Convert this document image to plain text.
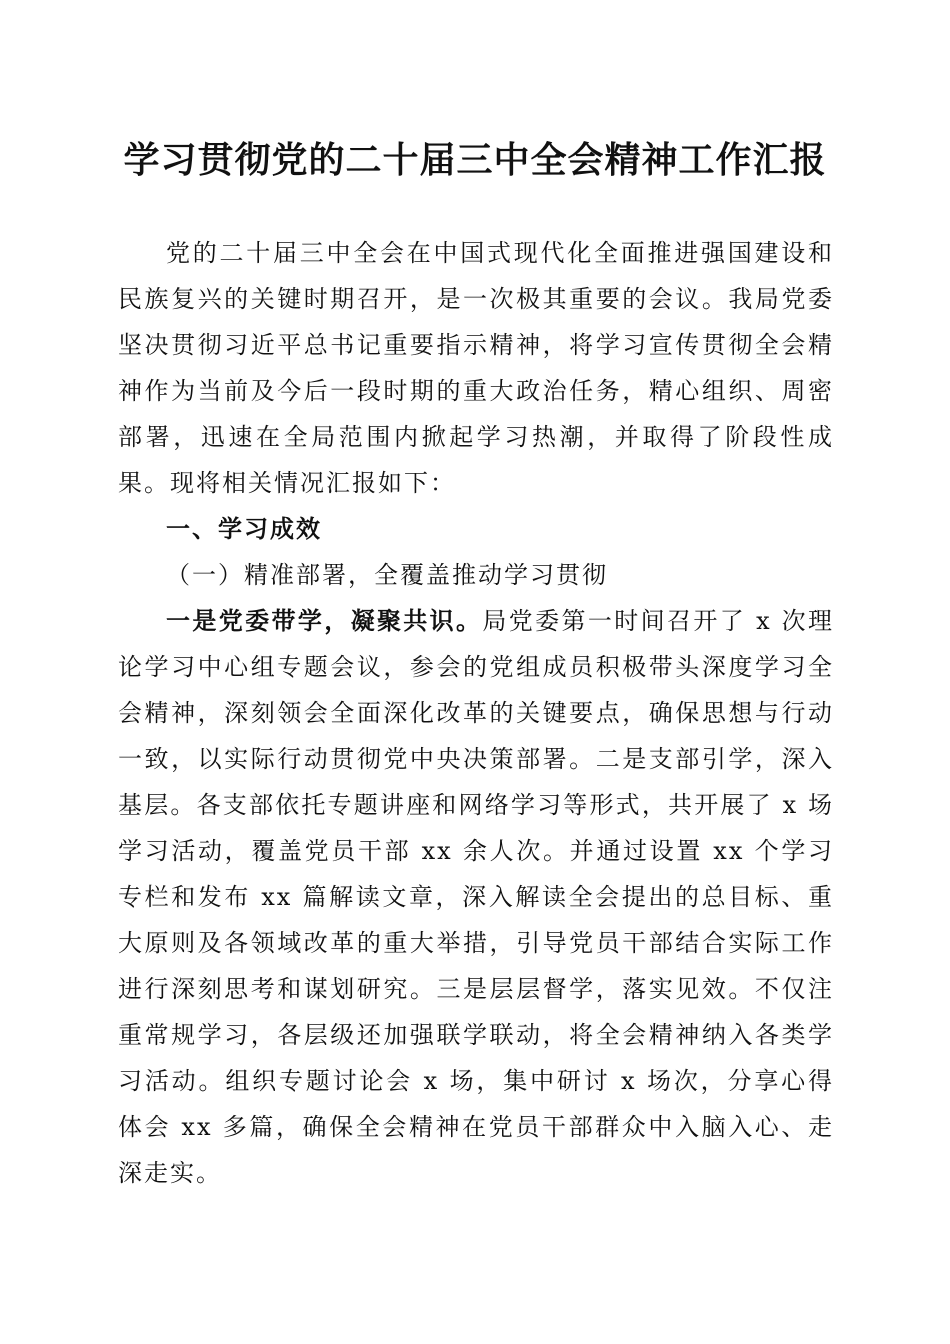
学习贯彻党的二十届三中全会精神工作汇报

党的二十届三中全会在中国式现代化全面推进强国建设和民族复兴的关键时期召开，是一次极其重要的会议。我局党委坚决贯彻习近平总书记重要指示精神，将学习宣传贯彻全会精神作为当前及今后一段时期的重大政治任务，精心组织、周密部署，迅速在全局范围内掀起学习热潮，并取得了阶段性成果。现将相关情况汇报如下：

一、学习成效

（一）精准部署，全覆盖推动学习贯彻

一是党委带学，凝聚共识。局党委第一时间召开了 x 次理论学习中心组专题会议，参会的党组成员积极带头深度学习全会精神，深刻领会全面深化改革的关键要点，确保思想与行动一致，以实际行动贯彻党中央决策部署。二是支部引学，深入基层。各支部依托专题讲座和网络学习等形式，共开展了 x 场学习活动，覆盖党员干部 xx 余人次。并通过设置 xx 个学习专栏和发布 xx 篇解读文章，深入解读全会提出的总目标、重大原则及各领域改革的重大举措，引导党员干部结合实际工作进行深刻思考和谋划研究。三是层层督学，落实见效。不仅注重常规学习，各层级还加强联学联动，将全会精神纳入各类学习活动。组织专题讨论会 x 场，集中研讨 x 场次，分享心得体会 xx 多篇，确保全会精神在党员干部群众中入脑入心、走深走实。
